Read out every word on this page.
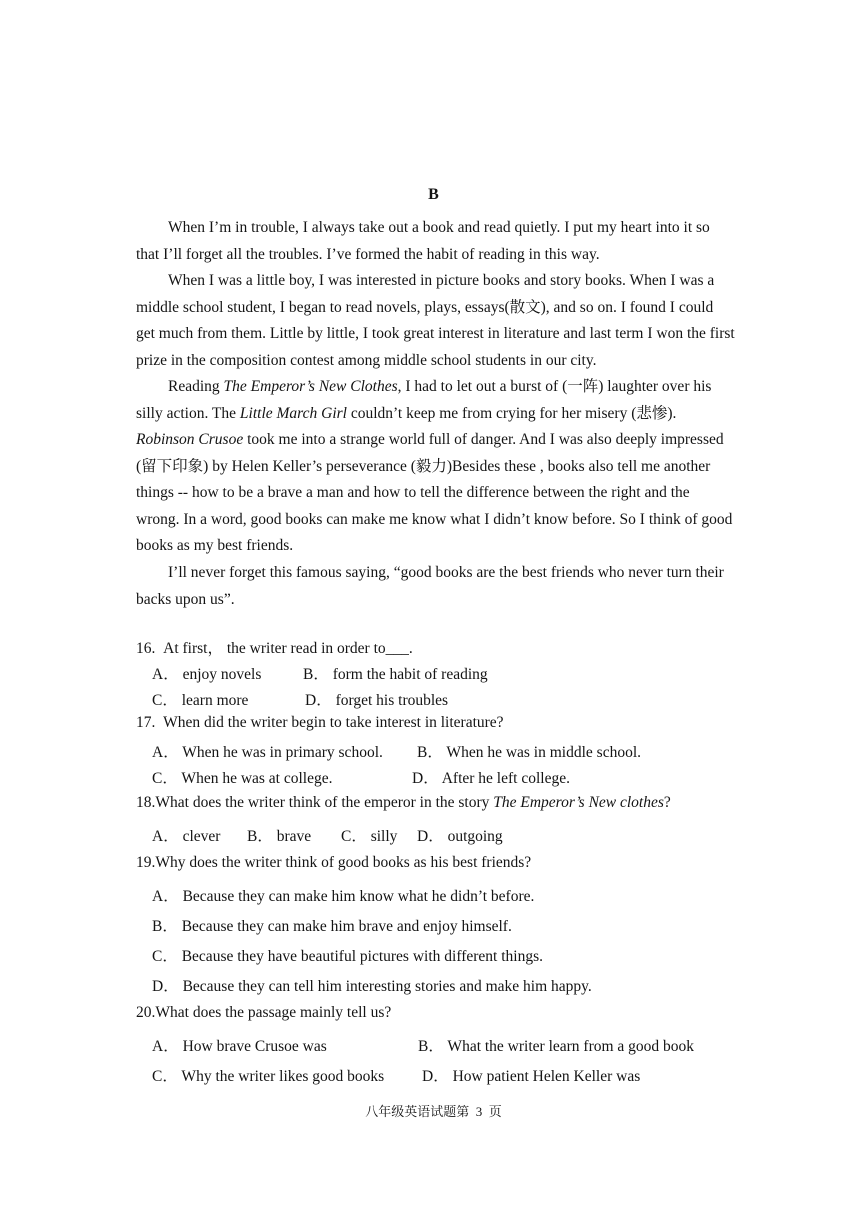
B

When I’m in trouble, I always take out a book and read quietly. I put my heart into it so that I’ll forget all the troubles. I’ve formed the habit of reading in this way.

When I was a little boy, I was interested in picture books and story books. When I was a middle school student, I began to read novels, plays, essays(散文), and so on. I found I could get much from them. Little by little, I took great interest in literature and last term I won the first prize in the composition contest among middle school students in our city.

Reading The Emperor’s New Clothes, I had to let out a burst of (一阵) laughter over his silly action. The Little March Girl couldn’t keep me from crying for her misery (悲惨). Robinson Crusoe took me into a strange world full of danger. And I was also deeply impressed (留下印象) by Helen Keller’s perseverance (毅力)Besides these , books also tell me another things -- how to be a brave a man and how to tell the difference between the right and the wrong. In a word, good books can make me know what I didn’t know before. So I think of good books as my best friends.

I’ll never forget this famous saying, “good books are the best friends who never turn their backs upon us”.

16.  At first， the writer read in order to___.
A． enjoy novels	B． form the habit of reading
C． learn more	D． forget his troubles
17.  When did the writer begin to take interest in literature?
A． When he was in primary school. B． When he was in middle school.
C． When he was at college.	D． After he left college.
18.What does the writer think of the emperor in the story The Emperor’s New clothes?
A． clever B． brave C． silly D． outgoing
19.Why does the writer think of good books as his best friends?
A． Because they can make him know what he didn’t before.
B． Because they can make him brave and enjoy himself.
C． Because they have beautiful pictures with different things.
D． Because they can tell him interesting stories and make him happy.
20.What does the passage mainly tell us?
A． How brave Crusoe was	B． What the writer learn from a good book
C． Why the writer likes good books D． How patient Helen Keller was
八年级英语试题第  3  页
